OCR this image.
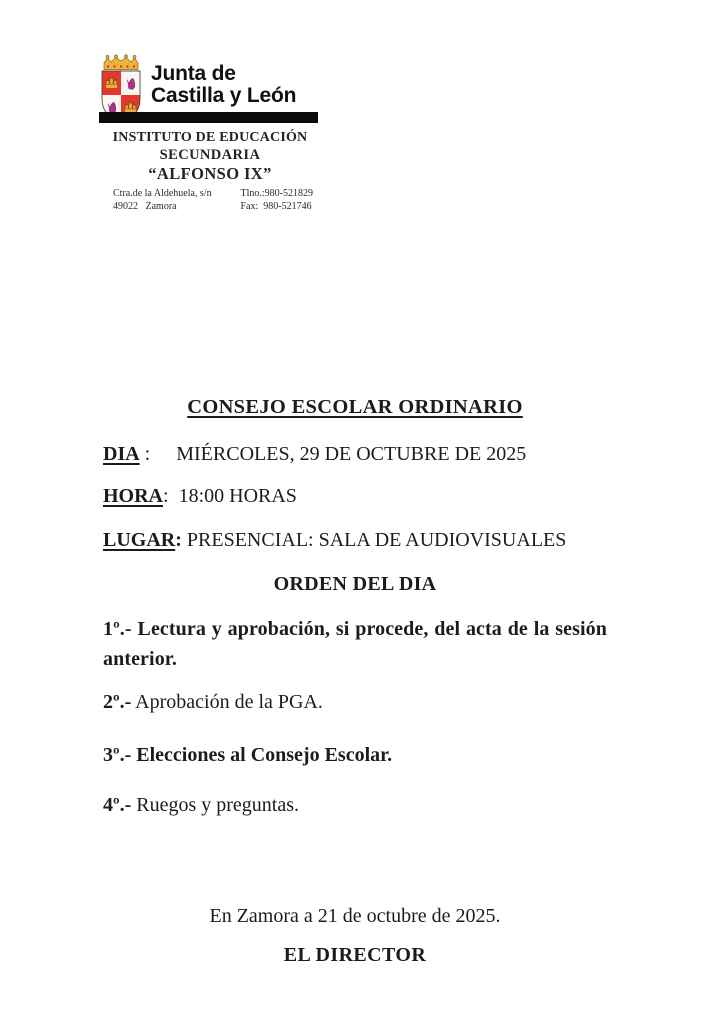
Junta de
Castilla y León
INSTITUTO DE EDUCACIÓN
SECUNDARIA
“ALFONSO IX”
Ctra.de la Aldehuela, s/n	Tlno.:980-521829
49022   Zamora	Fax:  980-521746
CONSEJO ESCOLAR ORDINARIO
DIA : MIÉRCOLES, 29 DE OCTUBRE DE 2025
HORA: 18:00 HORAS
LUGAR: PRESENCIAL: SALA DE AUDIOVISUALES
ORDEN DEL DIA

1º.- Lectura y aprobación, si procede, del acta de la sesión anterior.

2º.- Aprobación de la PGA.

3º.- Elecciones al Consejo Escolar.

4º.- Ruegos y preguntas.

En Zamora a 21 de octubre de 2025.

EL DIRECTOR
